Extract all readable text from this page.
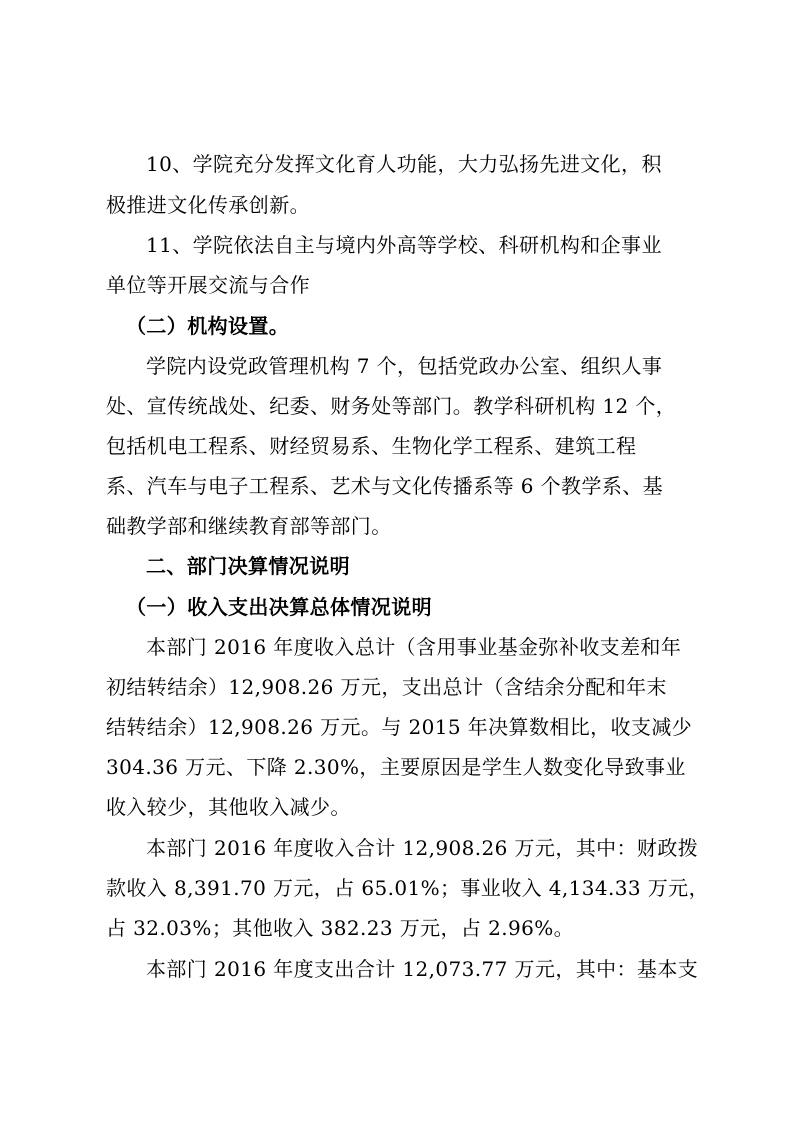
10、学院充分发挥文化育人功能，大力弘扬先进文化，积
极推进文化传承创新。
11、学院依法自主与境内外高等学校、科研机构和企事业
单位等开展交流与合作
（二）机构设置。
学院内设党政管理机构 7 个，包括党政办公室、组织人事
处、宣传统战处、纪委、财务处等部门。教学科研机构 12 个，
包括机电工程系、财经贸易系、生物化学工程系、建筑工程
系、汽车与电子工程系、艺术与文化传播系等 6 个教学系、基
础教学部和继续教育部等部门。
二、部门决算情况说明
（一）收入支出决算总体情况说明
本部门 2016 年度收入总计（含用事业基金弥补收支差和年
初结转结余）12,908.26 万元，支出总计（含结余分配和年末
结转结余）12,908.26 万元。与 2015 年决算数相比，收支减少
304.36 万元、下降 2.30%，主要原因是学生人数变化导致事业
收入较少，其他收入减少。
本部门 2016 年度收入合计 12,908.26 万元，其中：财政拨
款收入 8,391.70 万元，占 65.01%；事业收入 4,134.33 万元，
占 32.03%；其他收入 382.23 万元，占 2.96%。
本部门 2016 年度支出合计 12,073.77 万元，其中：基本支
